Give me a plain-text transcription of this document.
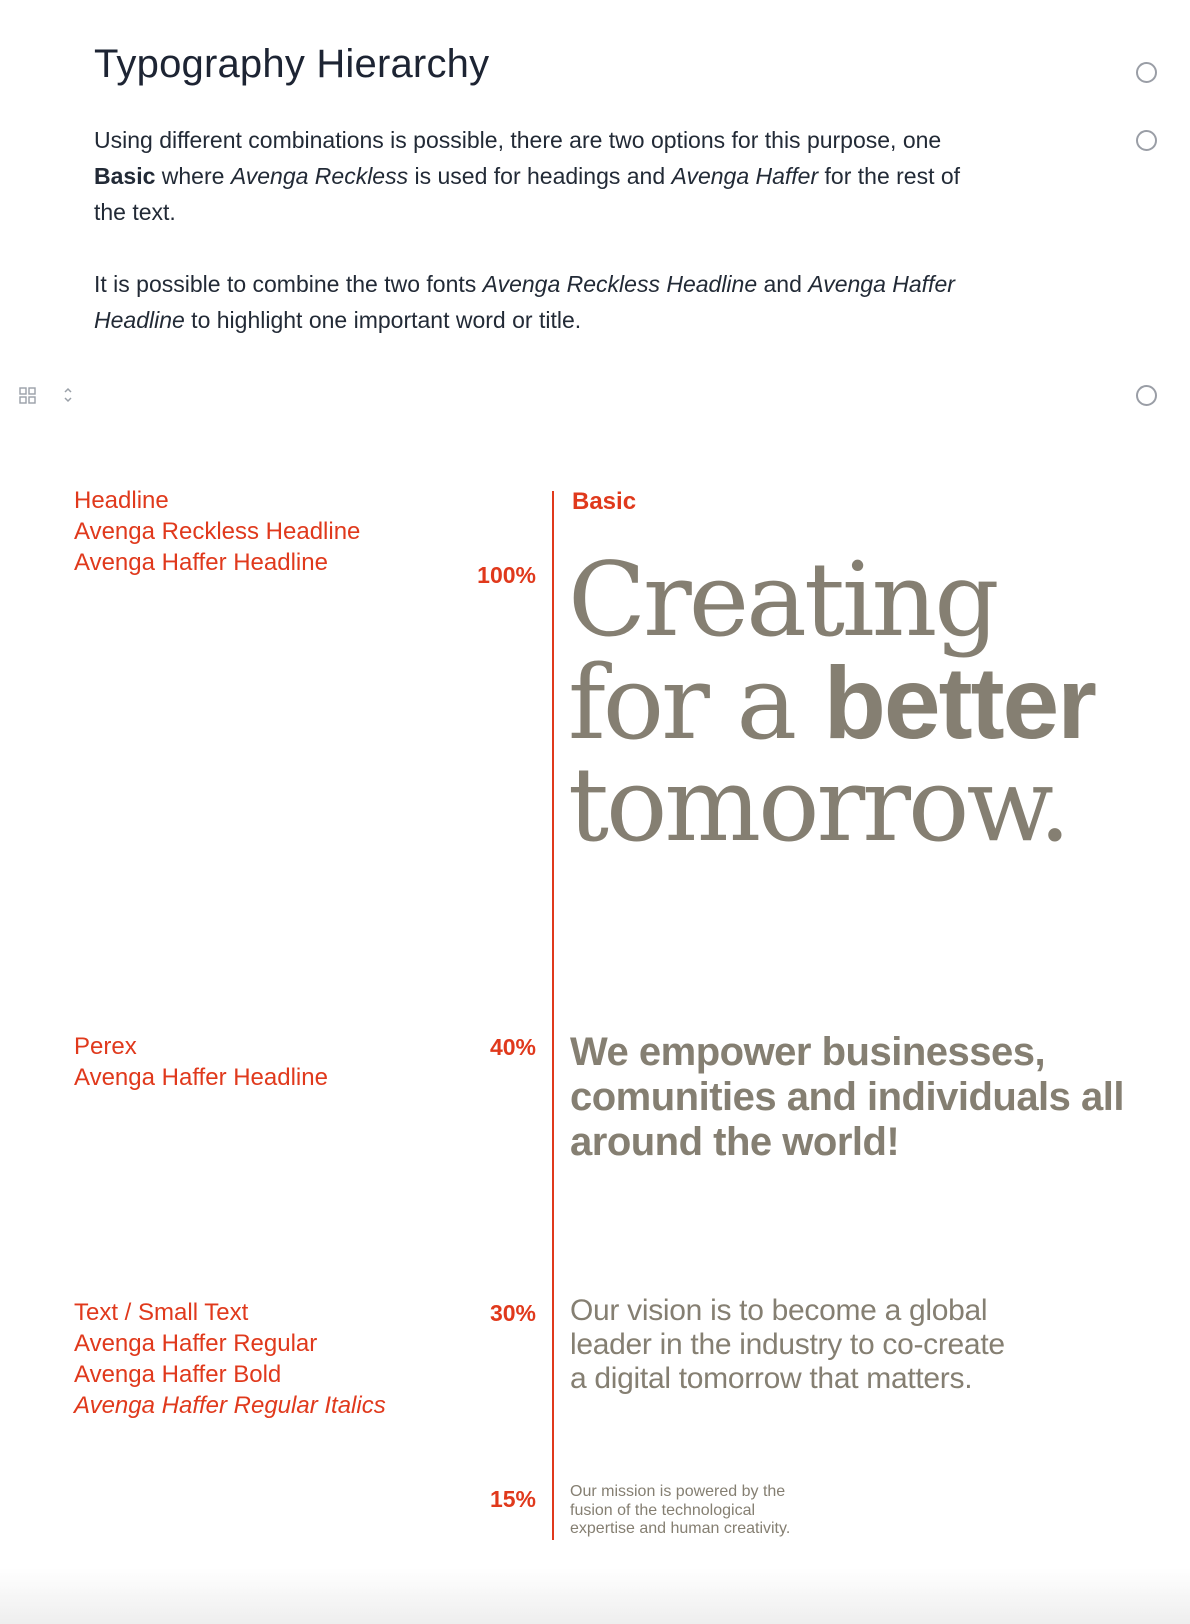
Typography Hierarchy

Using different combinations is possible, there are two options for this purpose, one Basic where Avenga Reckless is used for headings and Avenga Haffer for the rest of the text.

It is possible to combine the two fonts Avenga Reckless Headline and Avenga Haffer Headline to highlight one important word or title.

Headline
Avenga Reckless Headline
Avenga Haffer Headline	100%
Basic
Creating
for a better
tomorrow.
Perex
Avenga Haffer Headline
40% We empower businesses,
comunities and individuals all
around the world!
Text / Small Text
Avenga Haffer Regular
Avenga Haffer Bold
Avenga Haffer Regular Italics
30% Our vision is to become a global
leader in the industry to co-create
a digital tomorrow that matters.
15% Our mission is powered by the
fusion of the technological
expertise and human creativity.
